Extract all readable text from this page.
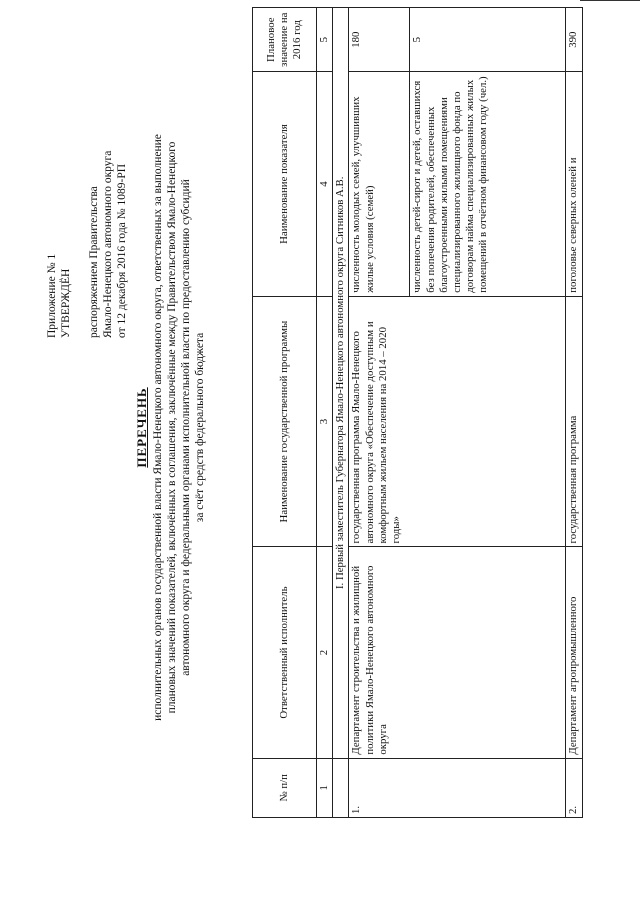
Приложение № 1 УТВЕРЖДЁН распоряжением Правительства Ямало-Ненецкого автономного округа от 12 декабря 2016 года № 1089-РП
ПЕРЕЧЕНЬ исполнительных органов государственной власти Ямало-Ненецкого автономного округа, ответственных за выполнение плановых значений показателей, включённых в соглашения, заключённые между Правительством Ямало-Ненецкого автономного округа и федеральными органами исполнительной власти по предоставлению субсидий за счёт средств федерального бюджета
№ п/п	Ответственный исполнитель	Наименование государственной программы	Наименование показателя	Плановое значение на 2016 год
1	2	3	4	5
	I. Первый заместитель Губернатора Ямало-Ненецкого автономного округа Ситников А.В.			
1.	Департамент строительства и жилищной политики Ямало-Ненецкого автономного округа	государственная программа Ямало-Ненецкого автономного округа «Обеспечение доступным и комфортным жильем населения на 2014 – 2020 годы»	численность молодых семей, улучшивших жилые условия (семей)	180
			численность детей-сирот и детей, оставшихся без попечения родителей, обеспеченных благоустроенными жилыми помещениями специализированного жилищного фонда по договорам найма специализированных жилых помещений в отчётном финансовом году (чел.)	5
2.	Департамент агропромышленного	государственная программа	поголовье северных оленей и	390
